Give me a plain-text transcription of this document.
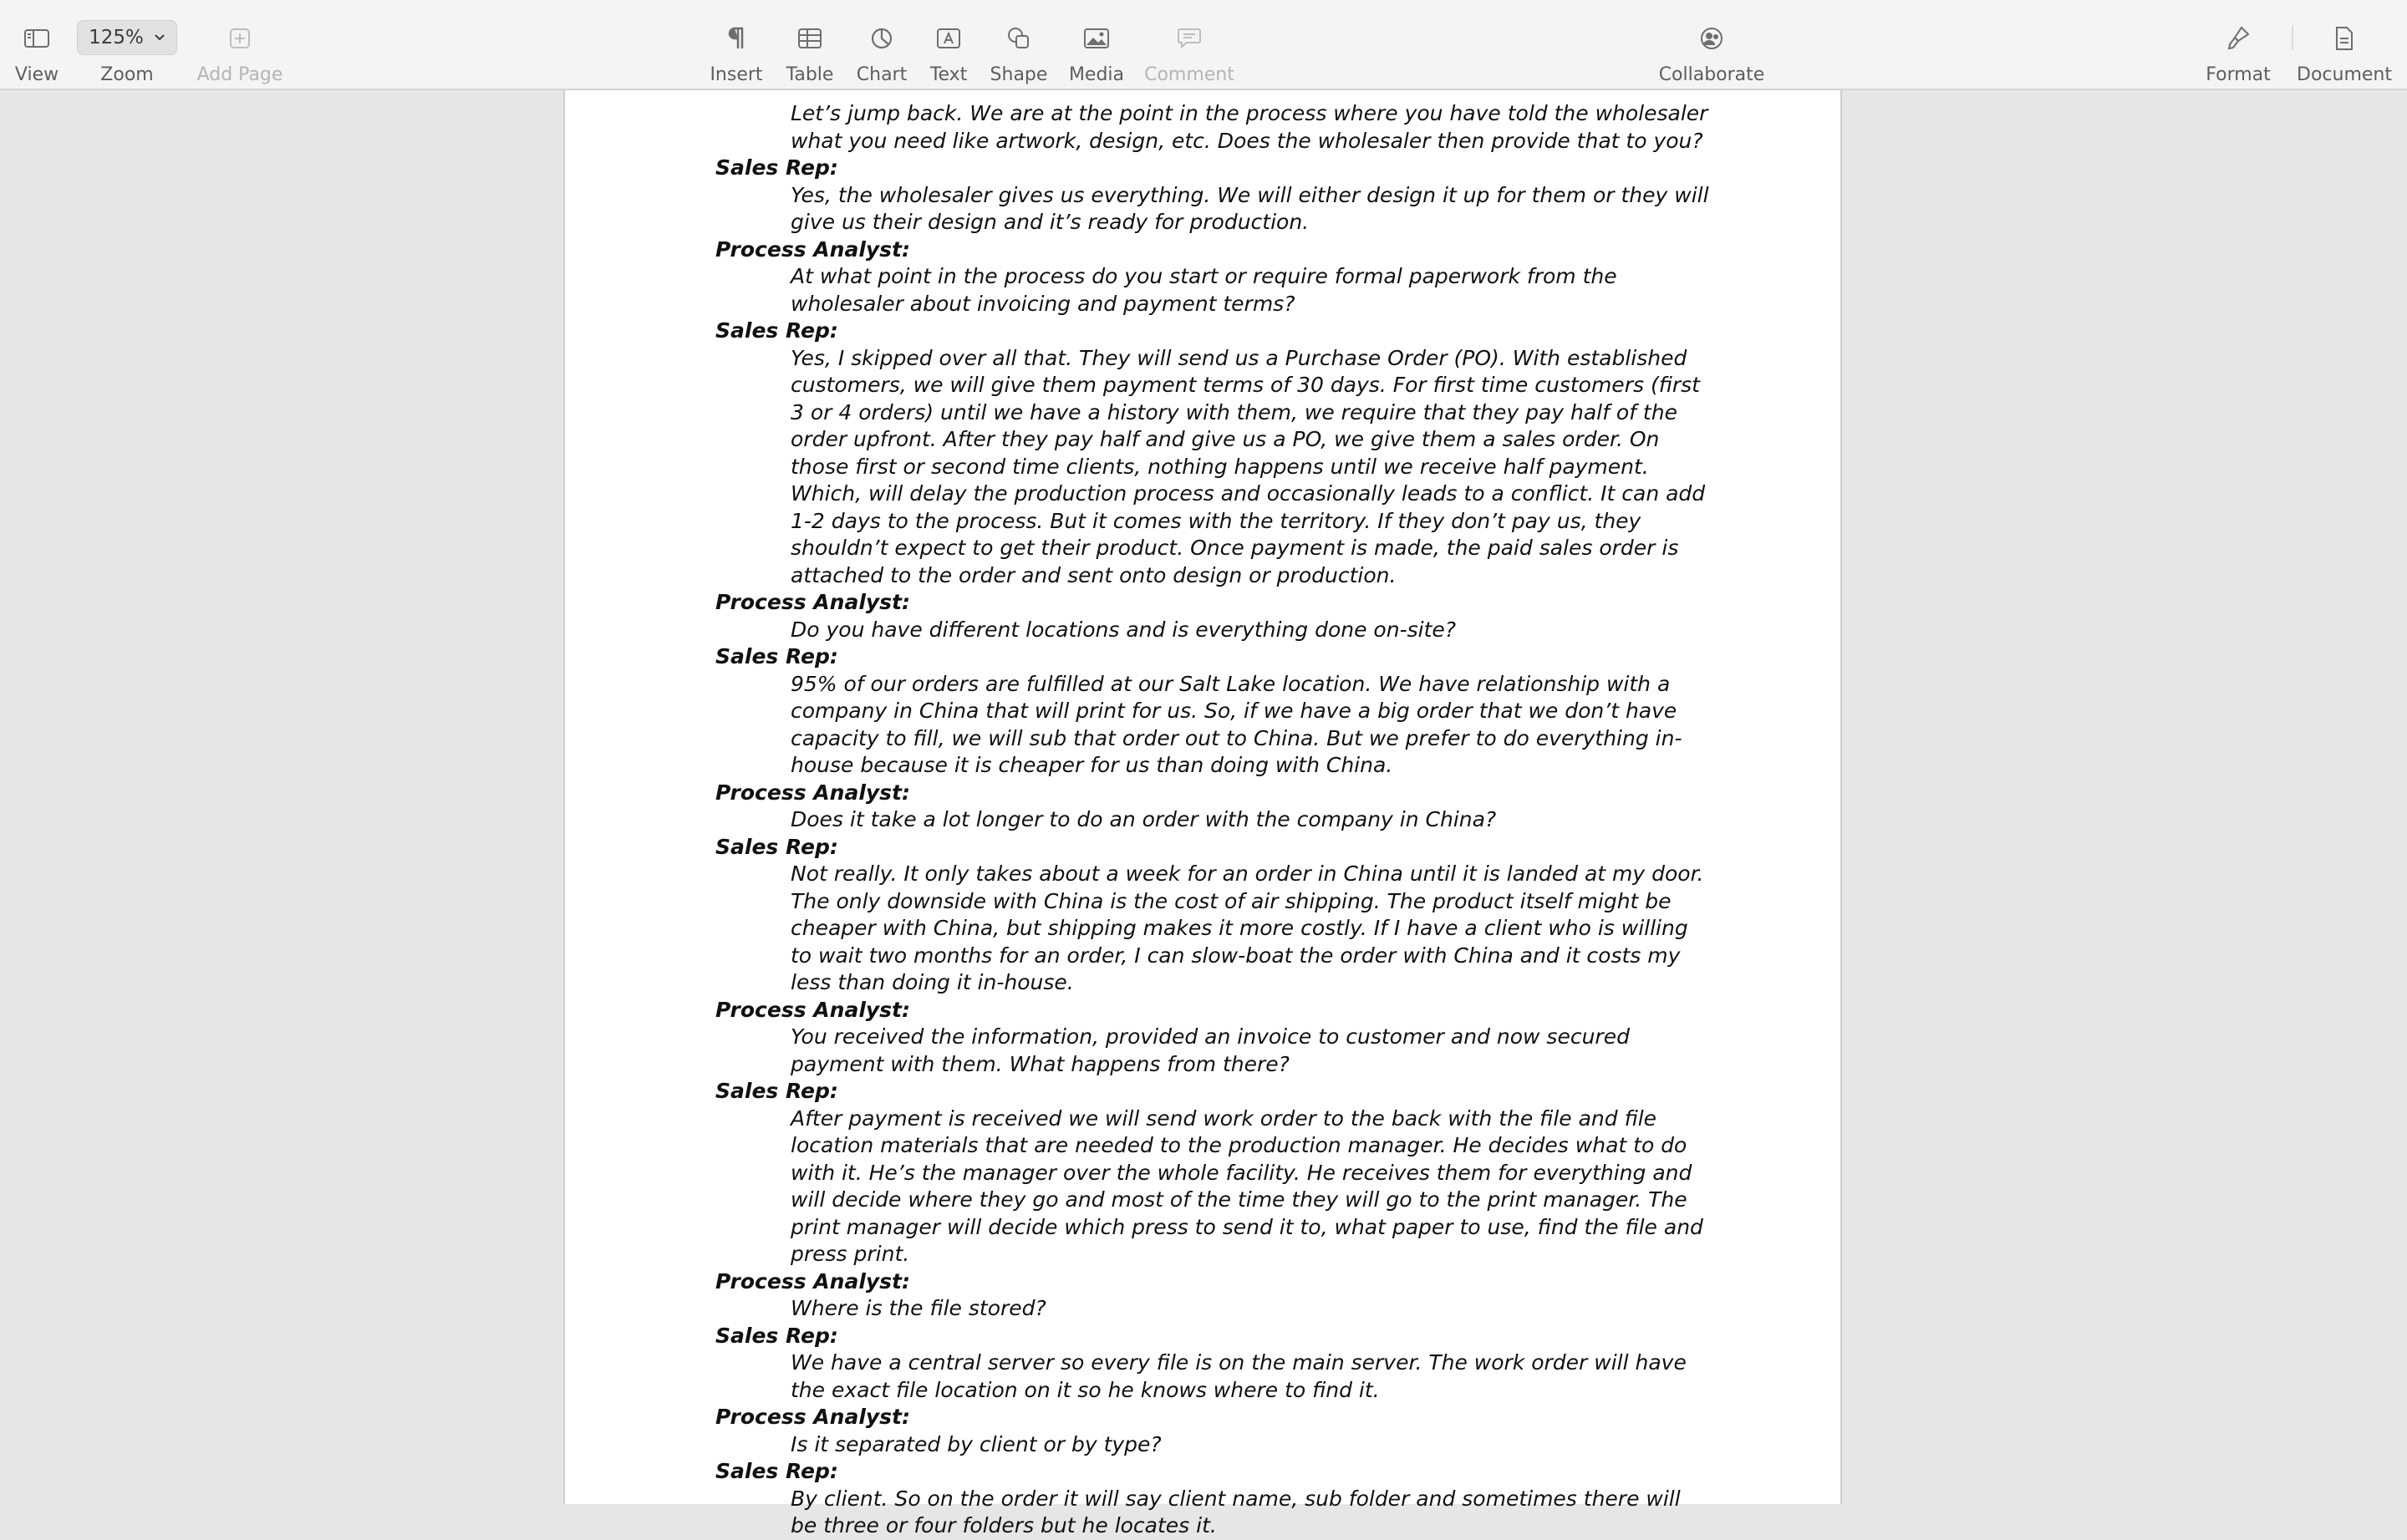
View
125%
Zoom Add Page	Insert Table Chart Text Shape Media Comment	Collaborate	Format Document

Let’s jump back. We are at the point in the process where you have told the wholesaler what you need like artwork, design, etc. Does the wholesaler then provide that to you?

Sales Rep:

Yes, the wholesaler gives us everything. We will either design it up for them or they will give us their design and it’s ready for production.

Process Analyst:

At what point in the process do you start or require formal paperwork from the wholesaler about invoicing and payment terms?

Sales Rep:

Yes, I skipped over all that. They will send us a Purchase Order (PO). With established customers, we will give them payment terms of 30 days. For first time customers (first 3 or 4 orders) until we have a history with them, we require that they pay half of the order upfront. After they pay half and give us a PO, we give them a sales order. On those first or second time clients, nothing happens until we receive half payment. Which, will delay the production process and occasionally leads to a conflict. It can add 1-2 days to the process. But it comes with the territory. If they don’t pay us, they shouldn’t expect to get their product. Once payment is made, the paid sales order is attached to the order and sent onto design or production.

Process Analyst:

Do you have different locations and is everything done on-site?

Sales Rep:

95% of our orders are fulfilled at our Salt Lake location. We have relationship with a company in China that will print for us. So, if we have a big order that we don’t have capacity to fill, we will sub that order out to China. But we prefer to do everything in-house because it is cheaper for us than doing with China.

Process Analyst:

Does it take a lot longer to do an order with the company in China?

Sales Rep:

Not really. It only takes about a week for an order in China until it is landed at my door. The only downside with China is the cost of air shipping. The product itself might be cheaper with China, but shipping makes it more costly. If I have a client who is willing to wait two months for an order, I can slow-boat the order with China and it costs my less than doing it in-house.

Process Analyst:

You received the information, provided an invoice to customer and now secured payment with them. What happens from there?

Sales Rep:

After payment is received we will send work order to the back with the file and file location materials that are needed to the production manager. He decides what to do with it. He’s the manager over the whole facility. He receives them for everything and will decide where they go and most of the time they will go to the print manager. The print manager will decide which press to send it to, what paper to use, find the file and press print.

Process Analyst:

Where is the file stored?

Sales Rep:

We have a central server so every file is on the main server. The work order will have the exact file location on it so he knows where to find it.

Process Analyst:

Is it separated by client or by type?

Sales Rep:

By client. So on the order it will say client name, sub folder and sometimes there will be three or four folders but he locates it.
